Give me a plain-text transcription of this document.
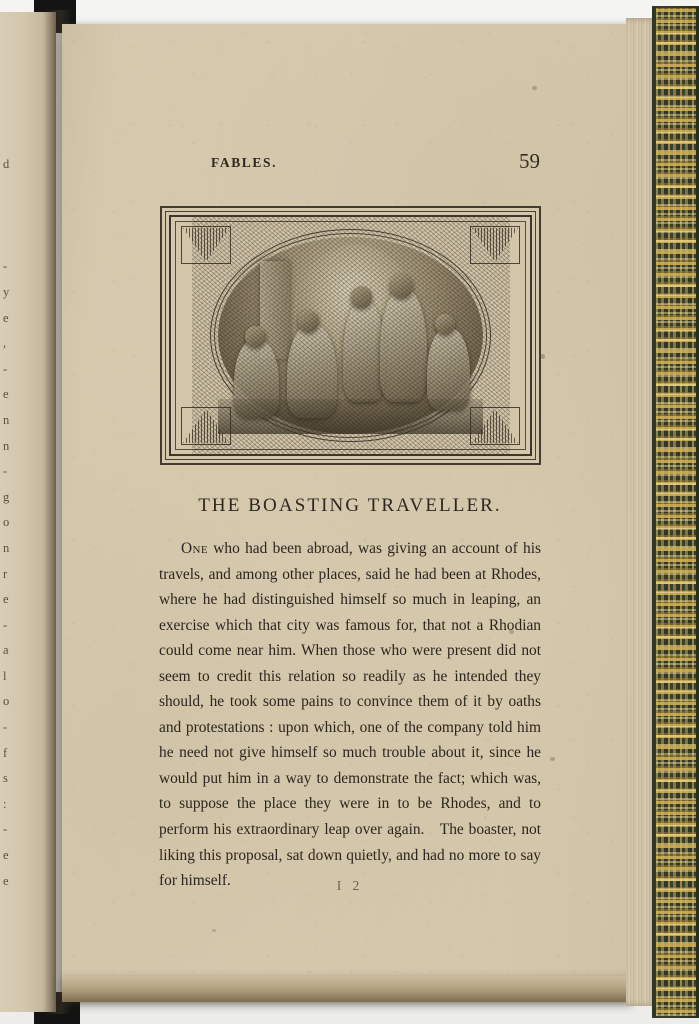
d
-
y
e
,
-
e
n
n
-
g
o
n
r
e
-
a
l
o
-
f
s
:
-
e
e
FABLES.	59
THE BOASTING TRAVELLER.

One who had been abroad, was giving an account of his travels, and among other places, said he had been at Rhodes, where he had distinguished himself so much in leaping, an exercise which that city was famous for, that not a Rhodian could come near him. When those who were present did not seem to credit this relation so readily as he intended they should, he took some pains to convince them of it by oaths and protestations : upon which, one of the company told him he need not give himself so much trouble about it, since he would put him in a way to demonstrate the fact; which was, to suppose the place they were in to be Rhodes, and to perform his extraordinary leap over again. The boaster, not liking this proposal, sat down quietly, and had no more to say for himself.	I 2
